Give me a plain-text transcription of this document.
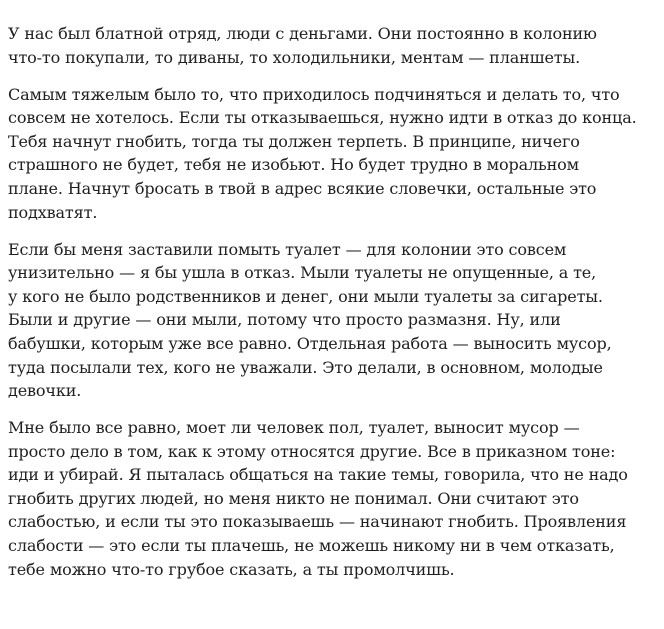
У нас был блатной отряд, люди с деньгами. Они постоянно в колонию
что-то покупали, то диваны, то холодильники, ментам — планшеты.

Самым тяжелым было то, что приходилось подчиняться и делать то, что
совсем не хотелось. Если ты отказываешься, нужно идти в отказ до конца.
Тебя начнут гнобить, тогда ты должен терпеть. В принципе, ничего
страшного не будет, тебя не изобьют. Но будет трудно в моральном
плане. Начнут бросать в твой в адрес всякие словечки, остальные это
подхватят.

Если бы меня заставили помыть туалет — для колонии это совсем
унизительно — я бы ушла в отказ. Мыли туалеты не опущенные, а те,
у кого не было родственников и денег, они мыли туалеты за сигареты.
Были и другие — они мыли, потому что просто размазня. Ну, или
бабушки, которым уже все равно. Отдельная работа — выносить мусор,
туда посылали тех, кого не уважали. Это делали, в основном, молодые
девочки.

Мне было все равно, моет ли человек пол, туалет, выносит мусор —
просто дело в том, как к этому относятся другие. Все в приказном тоне:
иди и убирай. Я пыталась общаться на такие темы, говорила, что не надо
гнобить других людей, но меня никто не понимал. Они считают это
слабостью, и если ты это показываешь — начинают гнобить. Проявления
слабости — это если ты плачешь, не можешь никому ни в чем отказать,
тебе можно что-то грубое сказать, а ты промолчишь.
